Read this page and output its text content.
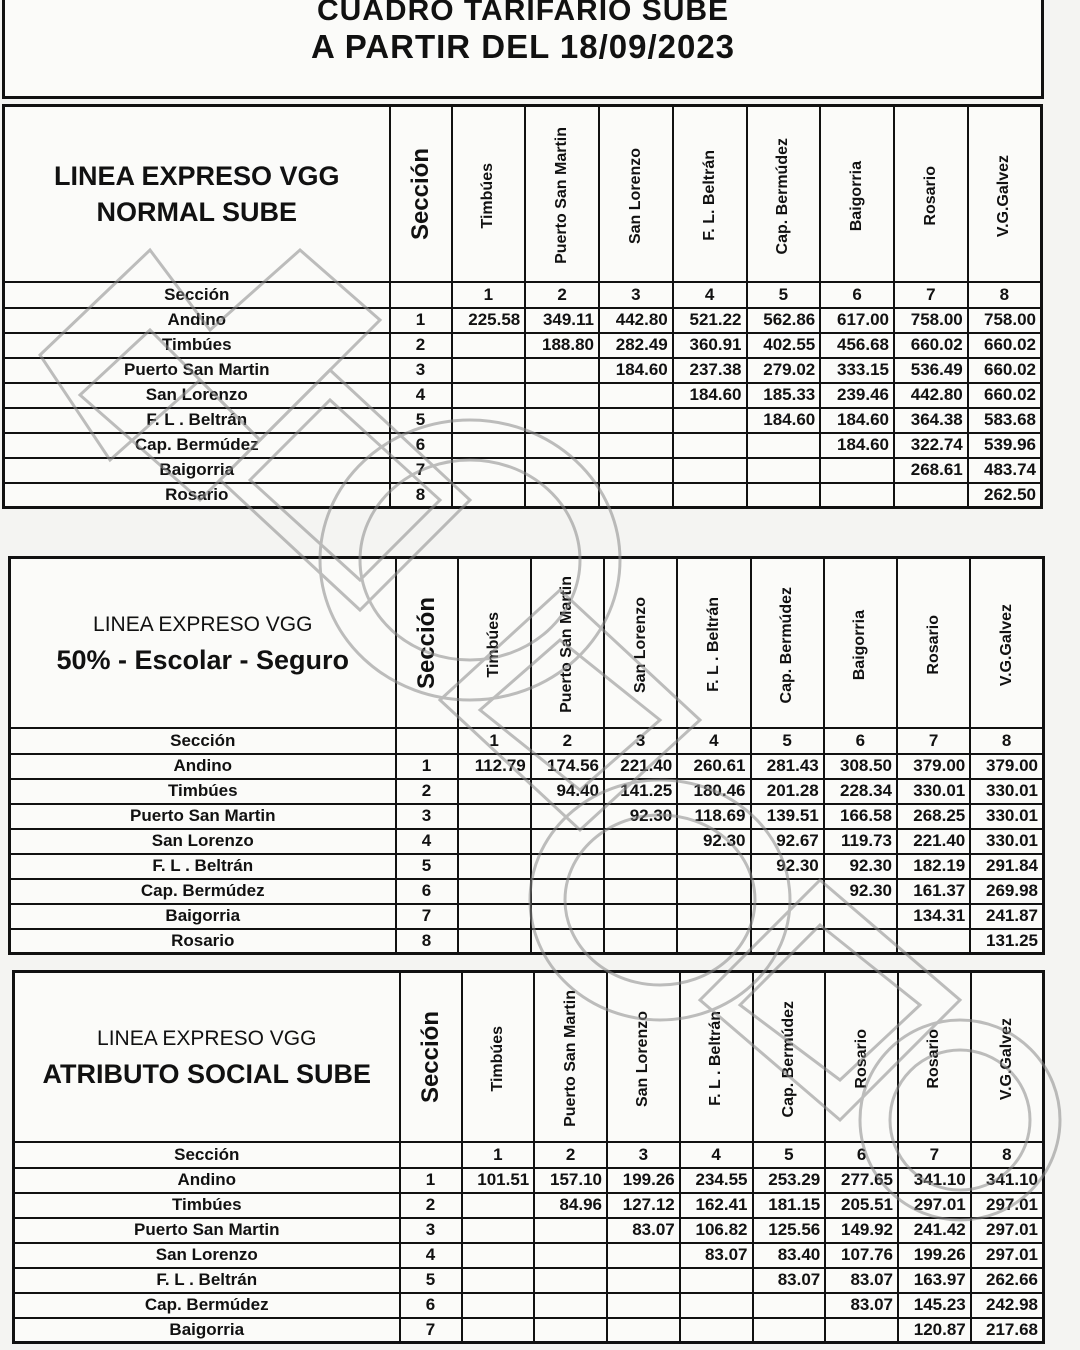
CUADRO TARIFARIO SUBE
A PARTIR DEL 18/09/2023
LINEA EXPRESO VGG
NORMAL SUBE	Sección	Timbúes	Puerto San Martin	San Lorenzo	F. L. Beltrán	Cap. Bermúdez	Baigorria	Rosario	V.G.Galvez

Sección		1	2	3	4	5	6	7	8
Andino	1	225.58	349.11	442.80	521.22	562.86	617.00	758.00	758.00
Timbúes	2		188.80	282.49	360.91	402.55	456.68	660.02	660.02
Puerto San Martin	3			184.60	237.38	279.02	333.15	536.49	660.02
San Lorenzo	4				184.60	185.33	239.46	442.80	660.02
F. L . Beltrán	5					184.60	184.60	364.38	583.68
Cap. Bermúdez	6						184.60	322.74	539.96
Baigorria	7							268.61	483.74
Rosario	8								262.50
LINEA EXPRESO VGG
50% - Escolar - Seguro	Sección	Timbúes	Puerto San Martin	San Lorenzo	F. L . Beltrán	Cap. Bermúdez	Baigorria	Rosario	V.G.Galvez

Sección		1	2	3	4	5	6	7	8
Andino	1	112.79	174.56	221.40	260.61	281.43	308.50	379.00	379.00
Timbúes	2		94.40	141.25	180.46	201.28	228.34	330.01	330.01
Puerto San Martin	3			92.30	118.69	139.51	166.58	268.25	330.01
San Lorenzo	4				92.30	92.67	119.73	221.40	330.01
F. L . Beltrán	5					92.30	92.30	182.19	291.84
Cap. Bermúdez	6						92.30	161.37	269.98
Baigorria	7							134.31	241.87
Rosario	8								131.25
LINEA EXPRESO VGG
ATRIBUTO SOCIAL SUBE	Sección	Timbúes	Puerto San Martin	San Lorenzo	F. L . Beltrán	Cap. Bermúdez	Rosario	Rosario	V.G.Galvez

Sección		1	2	3	4	5	6	7	8
Andino	1	101.51	157.10	199.26	234.55	253.29	277.65	341.10	341.10
Timbúes	2		84.96	127.12	162.41	181.15	205.51	297.01	297.01
Puerto San Martin	3			83.07	106.82	125.56	149.92	241.42	297.01
San Lorenzo	4				83.07	83.40	107.76	199.26	297.01
F. L . Beltrán	5					83.07	83.07	163.97	262.66
Cap. Bermúdez	6						83.07	145.23	242.98
Baigorria	7							120.87	217.68
